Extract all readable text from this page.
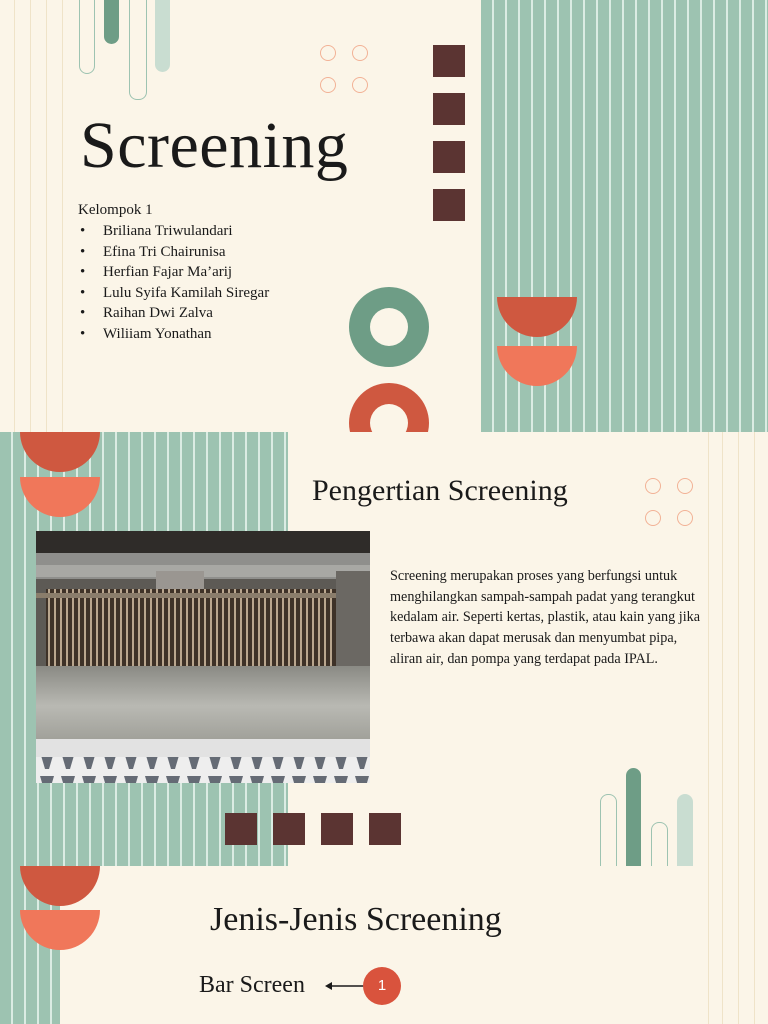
Screening

Kelompok 1

• Briliana Triwulandari
• Efina Tri Chairunisa
• Herfian Fajar Ma’arij
• Lulu Syifa Kamilah Siregar
• Raihan Dwi Zalva
• Wiliiam Yonathan
Pengertian Screening

Screening merupakan proses yang berfungsi untuk menghilangkan sampah-sampah padat yang terangkut kedalam air. Seperti kertas, plastik, atau kain yang jika terbawa akan dapat merusak dan menyumbat pipa, aliran air, dan pompa yang terdapat pada IPAL.

Jenis-Jenis Screening

Bar Screen	1
